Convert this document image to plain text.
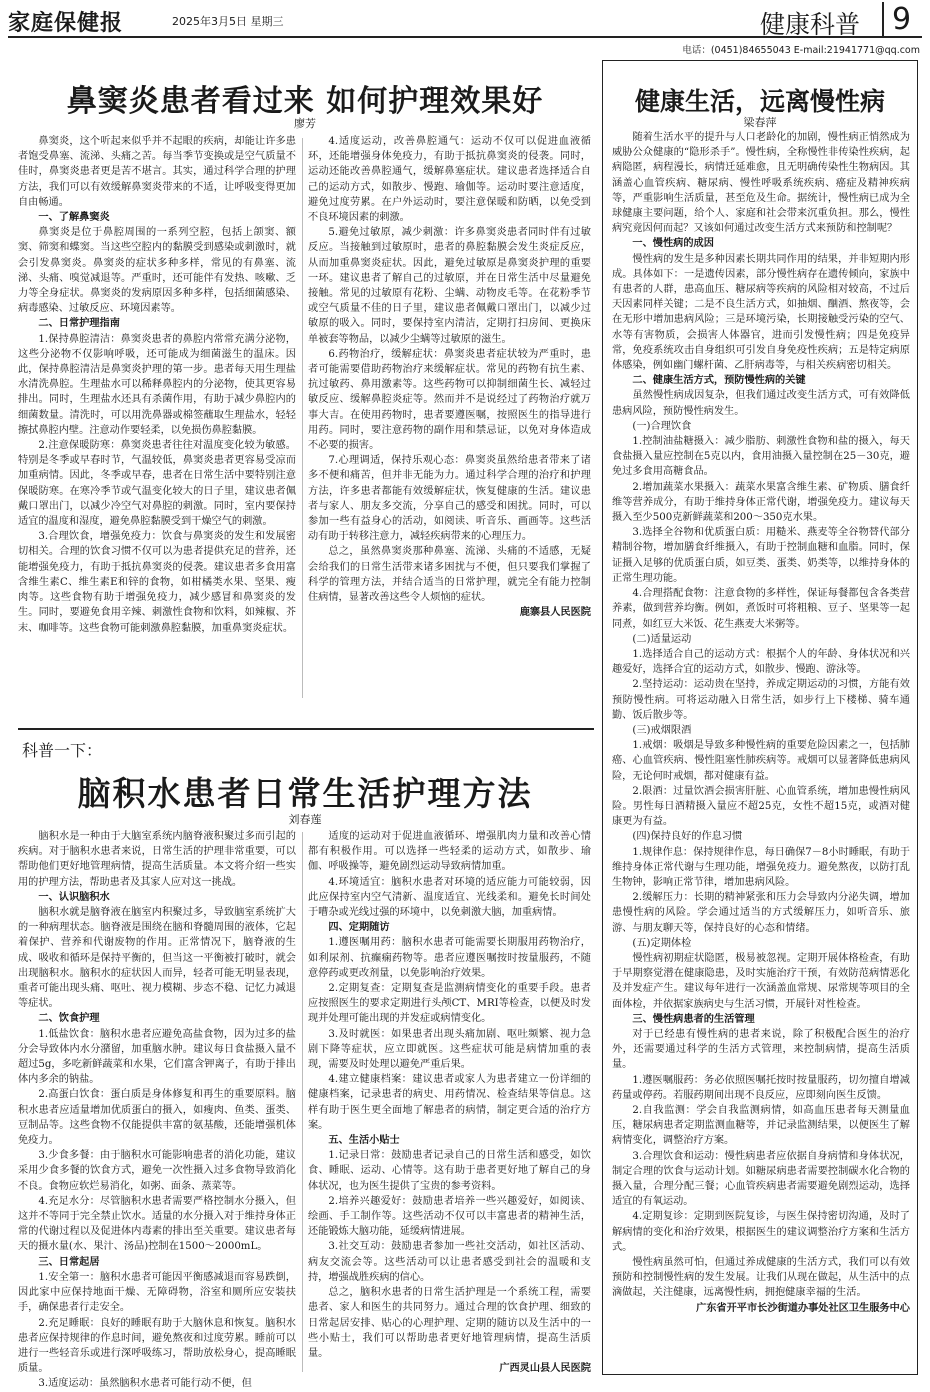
家庭保健报	2025年3月5日 星期三	健康科普	9
电话：(0451)84655043 E-mail:21941771@qq.com
鼻窦炎患者看过来 如何护理效果好
廖芳

鼻窦炎，这个听起来似乎并不起眼的疾病，却能让许多患者饱受鼻塞、流涕、头痛之苦。每当季节变换或是空气质量不佳时，鼻窦炎患者更是苦不堪言。其实，通过科学合理的护理方法，我们可以有效缓解鼻窦炎带来的不适，让呼吸变得更加自由畅通。

一、了解鼻窦炎

鼻窦炎是位于鼻腔周围的一系列空腔，包括上颌窦、额窦、筛窦和蝶窦。当这些空腔内的黏膜受到感染或刺激时，就会引发鼻窦炎。鼻窦炎的症状多种多样，常见的有鼻塞、流涕、头痛、嗅觉减退等。严重时，还可能伴有发热、咳嗽、乏力等全身症状。鼻窦炎的发病原因多种多样，包括细菌感染、病毒感染、过敏反应、环境因素等。

二、日常护理指南

1.保持鼻腔清洁：鼻窦炎患者的鼻腔内常常充满分泌物，这些分泌物不仅影响呼吸，还可能成为细菌滋生的温床。因此，保持鼻腔清洁是鼻窦炎护理的第一步。患者每天用生理盐水清洗鼻腔。生理盐水可以稀释鼻腔内的分泌物，使其更容易排出。同时，生理盐水还具有杀菌作用，有助于减少鼻腔内的细菌数量。清洗时，可以用洗鼻器或棉签蘸取生理盐水，轻轻擦拭鼻腔内壁。注意动作要轻柔，以免损伤鼻腔黏膜。

2.注意保暖防寒：鼻窦炎患者往往对温度变化较为敏感。特别是冬季或早春时节，气温较低，鼻窦炎患者更容易受凉而加重病情。因此，冬季或早春，患者在日常生活中要特别注意保暖防寒。在寒冷季节或气温变化较大的日子里，建议患者佩戴口罩出门，以减少冷空气对鼻腔的刺激。同时，室内要保持适宜的温度和湿度，避免鼻腔黏膜受到干燥空气的刺激。

3.合理饮食，增强免疫力：饮食与鼻窦炎的发生和发展密切相关。合理的饮食习惯不仅可以为患者提供充足的营养，还能增强免疫力，有助于抵抗鼻窦炎的侵袭。建议患者多食用富含维生素C、维生素E和锌的食物，如柑橘类水果、坚果、瘦肉等。这些食物有助于增强免疫力，减少感冒和鼻窦炎的发生。同时，要避免食用辛辣、刺激性食物和饮料，如辣椒、芥末、咖啡等。这些食物可能刺激鼻腔黏膜，加重鼻窦炎症状。

4.适度运动，改善鼻腔通气：运动不仅可以促进血液循环，还能增强身体免疫力，有助于抵抗鼻窦炎的侵袭。同时，运动还能改善鼻腔通气，缓解鼻塞症状。建议患者选择适合自己的运动方式，如散步、慢跑、瑜伽等。运动时要注意适度，避免过度劳累。在户外运动时，要注意保暖和防晒，以免受到不良环境因素的刺激。

5.避免过敏原，减少刺激：许多鼻窦炎患者同时伴有过敏反应。当接触到过敏原时，患者的鼻腔黏膜会发生炎症反应，从而加重鼻窦炎症状。因此，避免过敏原是鼻窦炎护理的重要一环。建议患者了解自己的过敏原，并在日常生活中尽量避免接触。常见的过敏原有花粉、尘螨、动物皮毛等。在花粉季节或空气质量不佳的日子里，建议患者佩戴口罩出门，以减少过敏原的吸入。同时，要保持室内清洁，定期打扫房间、更换床单被套等物品，以减少尘螨等过敏原的滋生。

6.药物治疗，缓解症状：鼻窦炎患者症状较为严重时，患者可能需要借助药物治疗来缓解症状。常见的药物有抗生素、抗过敏药、鼻用激素等。这些药物可以抑制细菌生长、减轻过敏反应、缓解鼻腔炎症等。然而并不是说经过了药物治疗就万事大吉。在使用药物时，患者要遵医嘱，按照医生的指导进行用药。同时，要注意药物的副作用和禁忌证，以免对身体造成不必要的损害。

7.心理调适，保持乐观心态：鼻窦炎虽然给患者带来了诸多不便和痛苦，但并非无能为力。通过科学合理的治疗和护理方法，许多患者都能有效缓解症状，恢复健康的生活。建议患者与家人、朋友多交流，分享自己的感受和困扰。同时，可以参加一些有益身心的活动，如阅读、听音乐、画画等。这些活动有助于转移注意力，减轻疾病带来的心理压力。

总之，虽然鼻窦炎那种鼻塞、流涕、头痛的不适感，无疑会给我们的日常生活带来诸多困扰与不便，但只要我们掌握了科学的管理方法，并结合适当的日常护理，就完全有能力控制住病情，显著改善这些令人烦恼的症状。

鹿寨县人民医院

科普一下：
脑积水患者日常生活护理方法
刘春莲

脑积水是一种由于大脑室系统内脑脊液积聚过多而引起的疾病。对于脑积水患者来说，日常生活的护理非常重要，可以帮助他们更好地管理病情，提高生活质量。本文将介绍一些实用的护理方法，帮助患者及其家人应对这一挑战。

一、认识脑积水

脑积水就是脑脊液在脑室内积聚过多，导致脑室系统扩大的一种病理状态。脑脊液是围绕在脑和脊髓周围的液体，它起着保护、营养和代谢废物的作用。正常情况下，脑脊液的生成、吸收和循环是保持平衡的，但当这一平衡被打破时，就会出现脑积水。脑积水的症状因人而异，轻者可能无明显表现，重者可能出现头痛、呕吐、视力模糊、步态不稳、记忆力减退等症状。

二、饮食护理

1.低盐饮食：脑积水患者应避免高盐食物，因为过多的盐分会导致体内水分潴留，加重脑水肿。建议每日食盐摄入量不超过5g，多吃新鲜蔬菜和水果，它们富含钾离子，有助于排出体内多余的钠盐。

2.高蛋白饮食：蛋白质是身体修复和再生的重要原料。脑积水患者应适量增加优质蛋白的摄入，如瘦肉、鱼类、蛋类、豆制品等。这些食物不仅能提供丰富的氨基酸，还能增强机体免疫力。

3.少食多餐：由于脑积水可能影响患者的消化功能，建议采用少食多餐的饮食方式，避免一次性摄入过多食物导致消化不良。食物应软烂易消化，如粥、面条、蒸菜等。

4.充足水分：尽管脑积水患者需要严格控制水分摄入，但这并不等同于完全禁止饮水。适量的水分摄入对于维持身体正常的代谢过程以及促进体内毒素的排出至关重要。建议患者每天的摄水量(水、果汁、汤品)控制在1500～2000mL。

三、日常起居

1.安全第一：脑积水患者可能因平衡感减退而容易跌倒，因此家中应保持地面干燥、无障碍物，浴室和厕所应安装扶手，确保患者行走安全。

2.充足睡眠：良好的睡眠有助于大脑休息和恢复。脑积水患者应保持规律的作息时间，避免熬夜和过度劳累。睡前可以进行一些轻音乐或进行深呼吸练习，帮助放松身心，提高睡眠质量。

3.适度运动：虽然脑积水患者可能行动不便，但

适度的运动对于促进血液循环、增强肌肉力量和改善心情都有积极作用。可以选择一些轻柔的运动方式，如散步、瑜伽、呼吸操等，避免剧烈运动导致病情加重。

4.环境适宜：脑积水患者对环境的适应能力可能较弱，因此应保持室内空气清新、温度适宜、光线柔和。避免长时间处于嘈杂或光线过强的环境中，以免刺激大脑，加重病情。

四、定期随访

1.遵医嘱用药：脑积水患者可能需要长期服用药物治疗，如利尿剂、抗癫痫药物等。患者应遵医嘱按时按量服药，不随意停药或更改剂量，以免影响治疗效果。

2.定期复查：定期复查是监测病情变化的重要手段。患者应按照医生的要求定期进行头颅CT、MRI等检查，以便及时发现并处理可能出现的并发症或病情变化。

3.及时就医：如果患者出现头痛加剧、呕吐频繁、视力急剧下降等症状，应立即就医。这些症状可能是病情加重的表现，需要及时处理以避免严重后果。

4.建立健康档案：建议患者或家人为患者建立一份详细的健康档案，记录患者的病史、用药情况、检查结果等信息。这样有助于医生更全面地了解患者的病情，制定更合适的治疗方案。

五、生活小贴士

1.记录日常：鼓励患者记录自己的日常生活和感受，如饮食、睡眠、运动、心情等。这有助于患者更好地了解自己的身体状况，也为医生提供了宝贵的参考资料。

2.培养兴趣爱好：鼓励患者培养一些兴趣爱好，如阅读、绘画、手工制作等。这些活动不仅可以丰富患者的精神生活，还能锻炼大脑功能，延缓病情进展。

3.社交互动：鼓励患者参加一些社交活动，如社区活动、病友交流会等。这些活动可以让患者感受到社会的温暖和支持，增强战胜疾病的信心。

总之，脑积水患者的日常生活护理是一个系统工程，需要患者、家人和医生的共同努力。通过合理的饮食护理、细致的日常起居安排、贴心的心理护理、定期的随访以及生活中的一些小贴士，我们可以帮助患者更好地管理病情，提高生活质量。

广西灵山县人民医院

健康生活，远离慢性病
梁春萍

随着生活水平的提升与人口老龄化的加剧，慢性病正悄然成为威胁公众健康的“隐形杀手”。慢性病，全称慢性非传染性疾病，起病隐匿，病程漫长，病情迁延难愈，且无明确传染性生物病因。其涵盖心血管疾病、糖尿病、慢性呼吸系统疾病、癌症及精神疾病等，严重影响生活质量，甚至危及生命。据统计，慢性病已成为全球健康主要问题，给个人、家庭和社会带来沉重负担。那么，慢性病究竟因何而起？又该如何通过改变生活方式来预防和控制呢？

一、慢性病的成因

慢性病的发生是多种因素长期共同作用的结果，并非短期内形成。具体如下：一是遗传因素，部分慢性病存在遗传倾向，家族中有患者的人群，患高血压、糖尿病等疾病的风险相对较高，不过后天因素同样关键；二是不良生活方式，如抽烟、酗酒、熬夜等，会在无形中增加患病风险；三是环境污染，长期接触受污染的空气、水等有害物质，会损害人体器官，进而引发慢性病；四是免疫异常，免疫系统攻击自身组织可引发自身免疫性疾病；五是特定病原体感染，例如幽门螺杆菌、乙肝病毒等，与相关疾病密切相关。

二、健康生活方式，预防慢性病的关键

虽然慢性病成因复杂，但我们通过改变生活方式，可有效降低患病风险，预防慢性病发生。

(一)合理饮食

1.控制油盐糖摄入：减少脂肪、刺激性食物和盐的摄入，每天食盐摄入量应控制在5克以内，食用油摄入量控制在25－30克，避免过多食用高糖食品。

2.增加蔬菜水果摄入：蔬菜水果富含维生素、矿物质、膳食纤维等营养成分，有助于维持身体正常代谢，增强免疫力。建议每天摄入至少500克新鲜蔬菜和200～350克水果。

3.选择全谷物和优质蛋白质：用糙米、燕麦等全谷物替代部分精制谷物，增加膳食纤维摄入，有助于控制血糖和血脂。同时，保证摄入足够的优质蛋白质，如豆类、蛋类、奶类等，以维持身体的正常生理功能。

4.合理搭配食物：注意食物的多样性，保证每餐都包含各类营养素，做到营养均衡。例如，煮饭时可将粗粮、豆子、坚果等一起同煮，如红豆大米饭、花生燕麦大米粥等。

(二)适量运动

1.选择适合自己的运动方式：根据个人的年龄、身体状况和兴趣爱好，选择合宜的运动方式，如散步、慢跑、游泳等。

2.坚持运动：运动贵在坚持，养成定期运动的习惯，方能有效预防慢性病。可将运动融入日常生活，如步行上下楼梯、骑车通勤、饭后散步等。

(三)戒烟限酒

1.戒烟：吸烟是导致多种慢性病的重要危险因素之一，包括肺癌、心血管疾病、慢性阻塞性肺疾病等。戒烟可以显著降低患病风险，无论何时戒烟，都对健康有益。

2.限酒：过量饮酒会损害肝脏、心血管系统，增加患慢性病风险。男性每日酒精摄入量应不超25克，女性不超15克，或酒对健康更为有益。

(四)保持良好的作息习惯

1.规律作息：保持规律作息，每日确保7－8小时睡眠，有助于维持身体正常代谢与生理功能，增强免疫力。避免熬夜，以防打乱生物钟，影响正常节律，增加患病风险。

2.缓解压力：长期的精神紧张和压力会导致内分泌失调，增加患慢性病的风险。学会通过适当的方式缓解压力，如听音乐、旅游、与朋友聊天等，保持良好的心态和情绪。

(五)定期体检

慢性病初期症状隐匿，极易被忽视。定期开展体格检查，有助于早期察觉潜在健康隐患，及时实施治疗干预，有效防范病情恶化及并发症产生。建议每年进行一次涵盖血常规、尿常规等项目的全面体检，并依据家族病史与生活习惯，开展针对性检查。

三、慢性病患者的生活管理

对于已经患有慢性病的患者来说，除了积极配合医生的治疗外，还需要通过科学的生活方式管理，来控制病情，提高生活质量。

1.遵医嘱服药：务必依照医嘱托按时按量服药，切勿擅自增减药量或停药。若服药期间出现不良反应，应即刻向医生反馈。

2.自我监测：学会自我监测病情，如高血压患者每天测量血压，糖尿病患者定期监测血糖等，并记录监测结果，以便医生了解病情变化，调整治疗方案。

3.合理饮食和运动：慢性病患者应依据自身病情和身体状况，制定合理的饮食与运动计划。如糖尿病患者需要控制碳水化合物的摄入量，合理分配三餐；心血管疾病患者需要避免剧烈运动，选择适宜的有氧运动。

4.定期复诊：定期到医院复诊，与医生保持密切沟通，及时了解病情的变化和治疗效果，根据医生的建议调整治疗方案和生活方式。

慢性病虽然可怕，但通过养成健康的生活方式，我们可以有效预防和控制慢性病的发生发展。让我们从现在做起，从生活中的点滴做起，关注健康，远离慢性病，拥抱健康幸福的生活。

广东省开平市长沙街道办事处社区卫生服务中心
